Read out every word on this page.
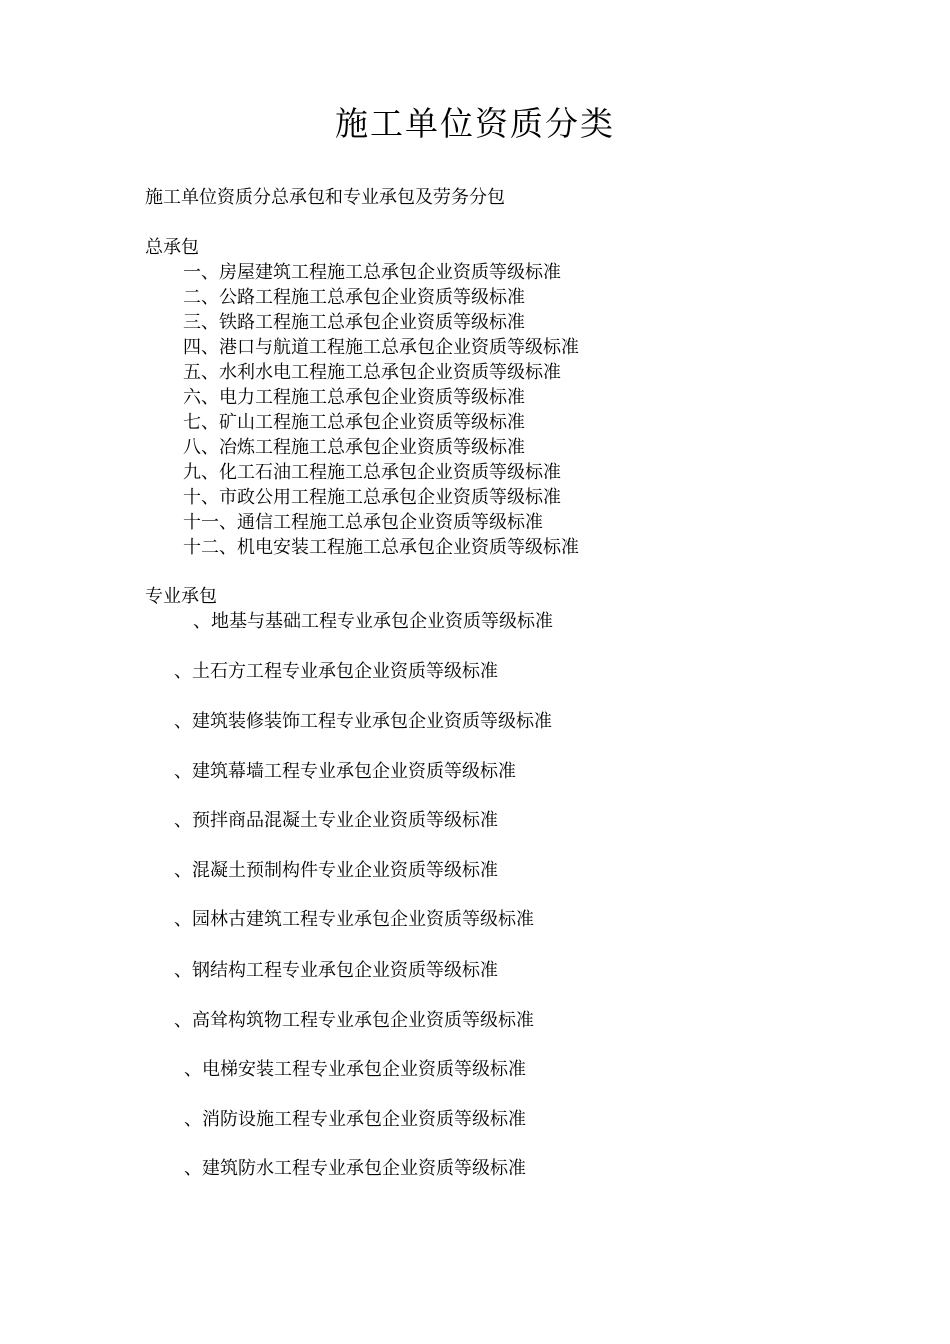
施工单位资质分类

施工单位资质分总承包和专业承包及劳务分包

总承包

一、房屋建筑工程施工总承包企业资质等级标准

二、公路工程施工总承包企业资质等级标准

三、铁路工程施工总承包企业资质等级标准

四、港口与航道工程施工总承包企业资质等级标准

五、水利水电工程施工总承包企业资质等级标准

六、电力工程施工总承包企业资质等级标准

七、矿山工程施工总承包企业资质等级标准

八、冶炼工程施工总承包企业资质等级标准

九、化工石油工程施工总承包企业资质等级标准

十、市政公用工程施工总承包企业资质等级标准

十一、通信工程施工总承包企业资质等级标准

十二、机电安装工程施工总承包企业资质等级标准

专业承包

、地基与基础工程专业承包企业资质等级标准

、土石方工程专业承包企业资质等级标准

、建筑装修装饰工程专业承包企业资质等级标准

、建筑幕墙工程专业承包企业资质等级标准

、预拌商品混凝土专业企业资质等级标准

、混凝土预制构件专业企业资质等级标准

、园林古建筑工程专业承包企业资质等级标准

、钢结构工程专业承包企业资质等级标准

、高耸构筑物工程专业承包企业资质等级标准

、电梯安装工程专业承包企业资质等级标准

、消防设施工程专业承包企业资质等级标准

、建筑防水工程专业承包企业资质等级标准
